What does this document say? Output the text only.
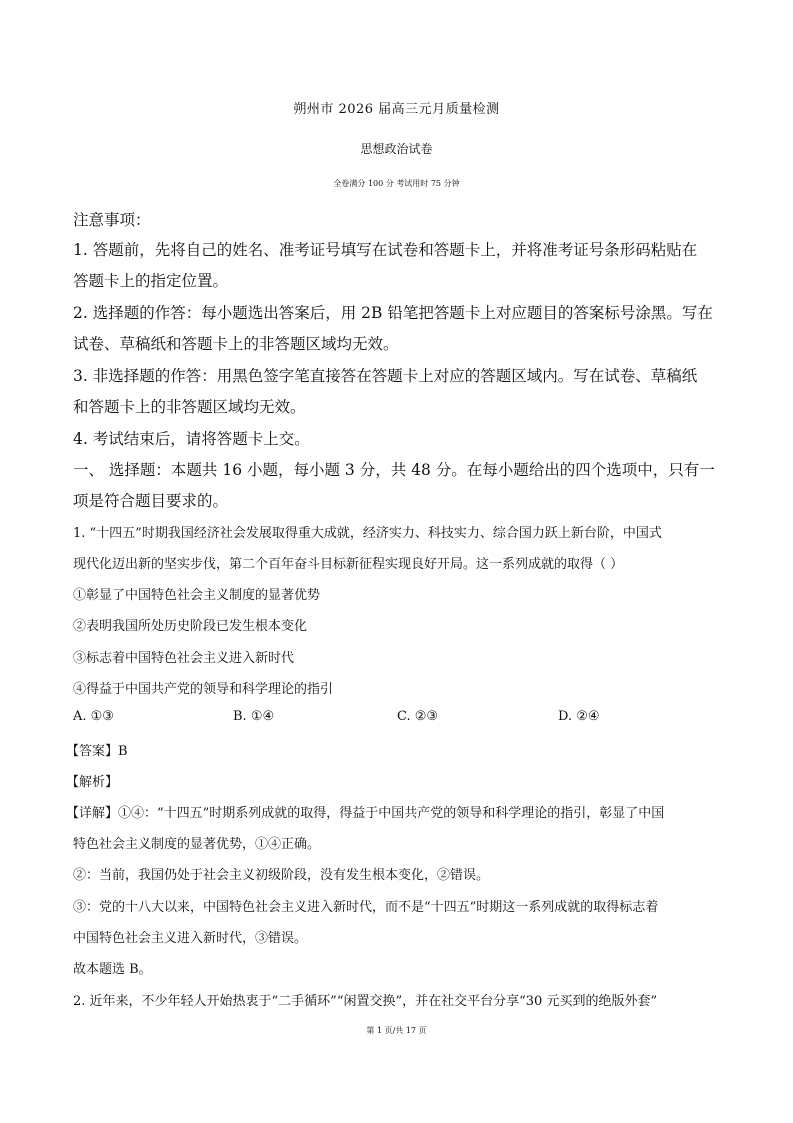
朔州市 2026 届高三元月质量检测
思想政治试卷
全卷满分 100 分 考试用时 75 分钟
注意事项：
1. 答题前，先将自己的姓名、准考证号填写在试卷和答题卡上，并将准考证号条形码粘贴在
答题卡上的指定位置。
2. 选择题的作答：每小题选出答案后，用 2B 铅笔把答题卡上对应题目的答案标号涂黑。写在
试卷、草稿纸和答题卡上的非答题区域均无效。
3. 非选择题的作答：用黑色签字笔直接答在答题卡上对应的答题区域内。写在试卷、草稿纸
和答题卡上的非答题区域均无效。
4. 考试结束后，请将答题卡上交。
一、 选择题：本题共 16 小题，每小题 3 分，共 48 分。在每小题给出的四个选项中，只有一
项是符合题目要求的。
1. “十四五”时期我国经济社会发展取得重大成就，经济实力、科技实力、综合国力跃上新台阶，中国式
现代化迈出新的坚实步伐，第二个百年奋斗目标新征程实现良好开局。这一系列成就的取得（ ）
①彰显了中国特色社会主义制度的显著优势
②表明我国所处历史阶段已发生根本变化
③标志着中国特色社会主义进入新时代
④得益于中国共产党的领导和科学理论的指引
A. ①③	B. ①④	C. ②③	D. ②④
【答案】B
【解析】
【详解】①④：“十四五”时期系列成就的取得，得益于中国共产党的领导和科学理论的指引，彰显了中国
特色社会主义制度的显著优势，①④正确。
②：当前，我国仍处于社会主义初级阶段，没有发生根本变化，②错误。
③：党的十八大以来，中国特色社会主义进入新时代，而不是“十四五”时期这一系列成就的取得标志着
中国特色社会主义进入新时代，③错误。
故本题选 B。
2. 近年来，不少年轻人开始热衷于“二手循环”“闲置交换”，并在社交平台分享“30 元买到的绝版外套”
第 1 页/共 17 页
